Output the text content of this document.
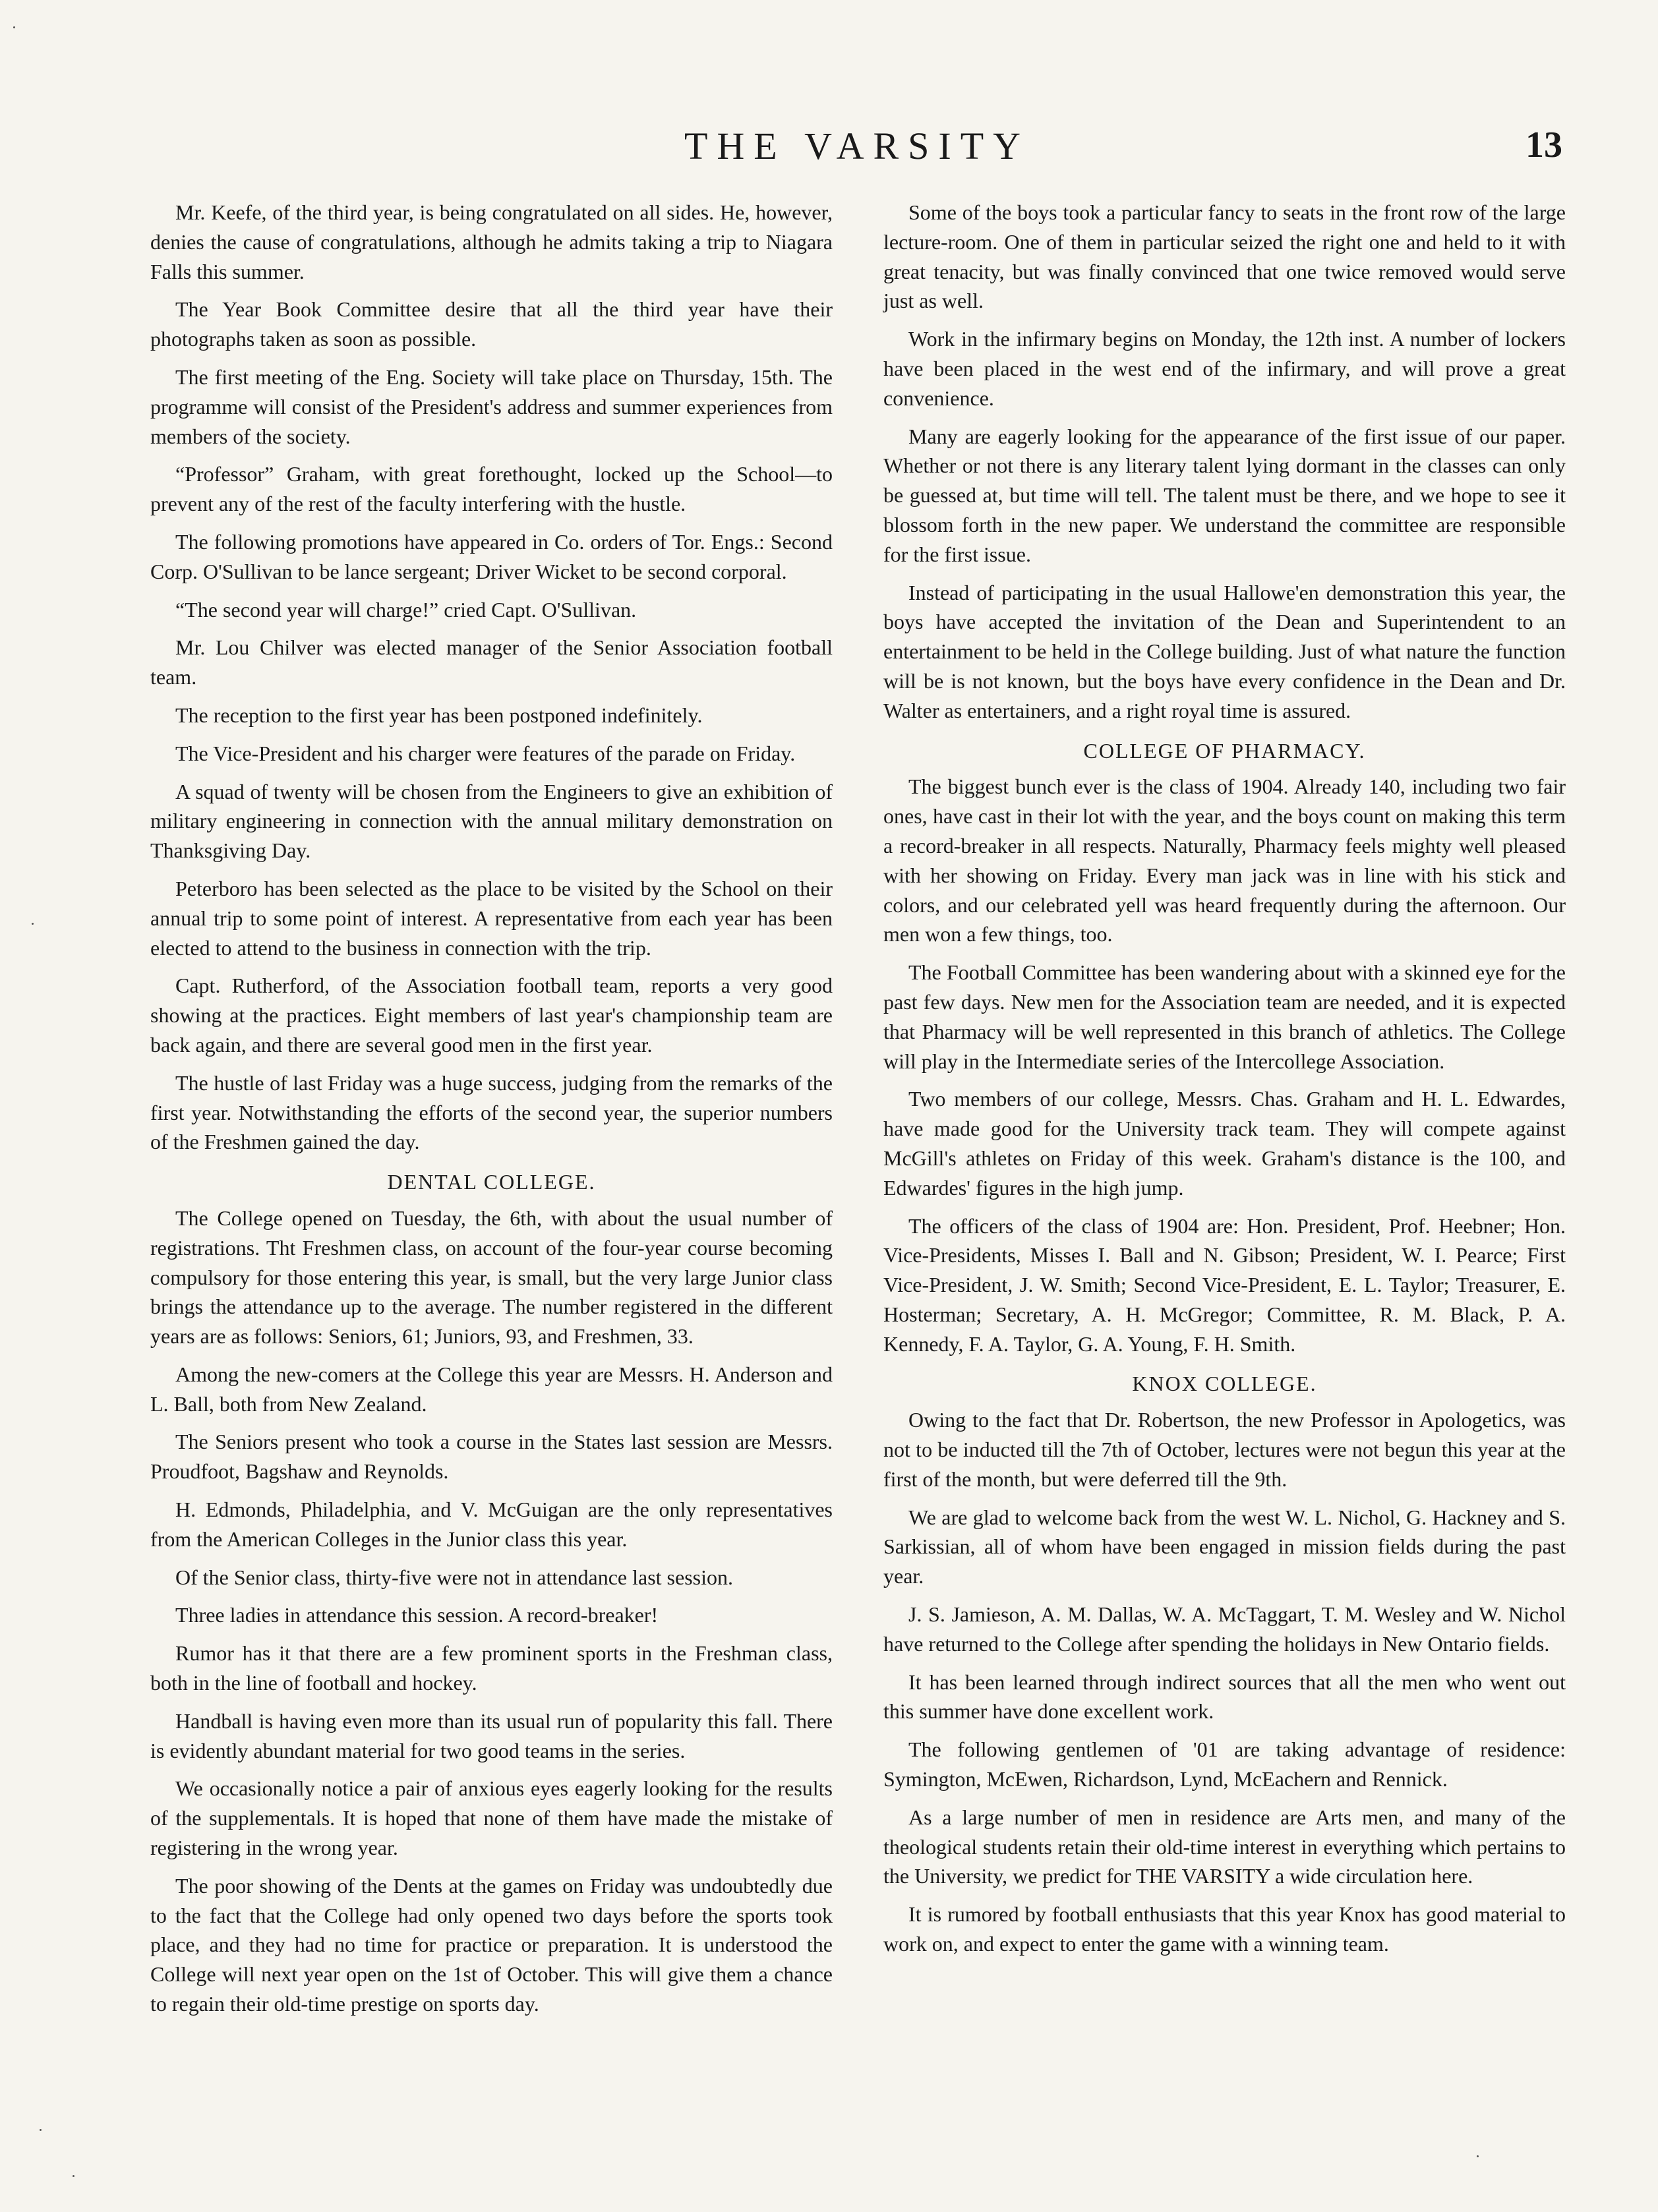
THE VARSITY	13

Mr. Keefe, of the third year, is being congratulated on all sides. He, however, denies the cause of congratulations, although he admits taking a trip to Niagara Falls this summer.

The Year Book Committee desire that all the third year have their photographs taken as soon as possible.

The first meeting of the Eng. Society will take place on Thursday, 15th. The programme will consist of the President's address and summer experiences from members of the society.

“Professor” Graham, with great forethought, locked up the School—to prevent any of the rest of the faculty interfering with the hustle.

The following promotions have appeared in Co. orders of Tor. Engs.: Second Corp. O'Sullivan to be lance sergeant; Driver Wicket to be second corporal.

“The second year will charge!” cried Capt. O'Sullivan.

Mr. Lou Chilver was elected manager of the Senior Association football team.

The reception to the first year has been postponed indefinitely.

The Vice-President and his charger were features of the parade on Friday.

A squad of twenty will be chosen from the Engineers to give an exhibition of military engineering in connection with the annual military demonstration on Thanksgiving Day.

Peterboro has been selected as the place to be visited by the School on their annual trip to some point of interest. A representative from each year has been elected to attend to the business in connection with the trip.

Capt. Rutherford, of the Association football team, reports a very good showing at the practices. Eight members of last year's championship team are back again, and there are several good men in the first year.

The hustle of last Friday was a huge success, judging from the remarks of the first year. Notwithstanding the efforts of the second year, the superior numbers of the Freshmen gained the day.

DENTAL COLLEGE.

The College opened on Tuesday, the 6th, with about the usual number of registrations. Tht Freshmen class, on account of the four-year course becoming compulsory for those entering this year, is small, but the very large Junior class brings the attendance up to the average. The number registered in the different years are as follows: Seniors, 61; Juniors, 93, and Freshmen, 33.

Among the new-comers at the College this year are Messrs. H. Anderson and L. Ball, both from New Zealand.

The Seniors present who took a course in the States last session are Messrs. Proudfoot, Bagshaw and Reynolds.

H. Edmonds, Philadelphia, and V. McGuigan are the only representatives from the American Colleges in the Junior class this year.

Of the Senior class, thirty-five were not in attendance last session.

Three ladies in attendance this session. A record-breaker!

Rumor has it that there are a few prominent sports in the Freshman class, both in the line of football and hockey.

Handball is having even more than its usual run of popularity this fall. There is evidently abundant material for two good teams in the series.

We occasionally notice a pair of anxious eyes eagerly looking for the results of the supplementals. It is hoped that none of them have made the mistake of registering in the wrong year.

The poor showing of the Dents at the games on Friday was undoubtedly due to the fact that the College had only opened two days before the sports took place, and they had no time for practice or preparation. It is understood the College will next year open on the 1st of October. This will give them a chance to regain their old-time prestige on sports day.

Some of the boys took a particular fancy to seats in the front row of the large lecture-room. One of them in particular seized the right one and held to it with great tenacity, but was finally convinced that one twice removed would serve just as well.

Work in the infirmary begins on Monday, the 12th inst. A number of lockers have been placed in the west end of the infirmary, and will prove a great convenience.

Many are eagerly looking for the appearance of the first issue of our paper. Whether or not there is any literary talent lying dormant in the classes can only be guessed at, but time will tell. The talent must be there, and we hope to see it blossom forth in the new paper. We understand the committee are responsible for the first issue.

Instead of participating in the usual Hallowe'en demonstration this year, the boys have accepted the invitation of the Dean and Superintendent to an entertainment to be held in the College building. Just of what nature the function will be is not known, but the boys have every confidence in the Dean and Dr. Walter as entertainers, and a right royal time is assured.

COLLEGE OF PHARMACY.

The biggest bunch ever is the class of 1904. Already 140, including two fair ones, have cast in their lot with the year, and the boys count on making this term a record-breaker in all respects. Naturally, Pharmacy feels mighty well pleased with her showing on Friday. Every man jack was in line with his stick and colors, and our celebrated yell was heard frequently during the afternoon. Our men won a few things, too.

The Football Committee has been wandering about with a skinned eye for the past few days. New men for the Association team are needed, and it is expected that Pharmacy will be well represented in this branch of athletics. The College will play in the Intermediate series of the Intercollege Association.

Two members of our college, Messrs. Chas. Graham and H. L. Edwardes, have made good for the University track team. They will compete against McGill's athletes on Friday of this week. Graham's distance is the 100, and Edwardes' figures in the high jump.

The officers of the class of 1904 are: Hon. President, Prof. Heebner; Hon. Vice-Presidents, Misses I. Ball and N. Gibson; President, W. I. Pearce; First Vice-President, J. W. Smith; Second Vice-President, E. L. Taylor; Treasurer, E. Hosterman; Secretary, A. H. McGregor; Committee, R. M. Black, P. A. Kennedy, F. A. Taylor, G. A. Young, F. H. Smith.

KNOX COLLEGE.

Owing to the fact that Dr. Robertson, the new Professor in Apologetics, was not to be inducted till the 7th of October, lectures were not begun this year at the first of the month, but were deferred till the 9th.

We are glad to welcome back from the west W. L. Nichol, G. Hackney and S. Sarkissian, all of whom have been engaged in mission fields during the past year.

J. S. Jamieson, A. M. Dallas, W. A. McTaggart, T. M. Wesley and W. Nichol have returned to the College after spending the holidays in New Ontario fields.

It has been learned through indirect sources that all the men who went out this summer have done excellent work.

The following gentlemen of '01 are taking advantage of residence: Symington, McEwen, Richardson, Lynd, McEachern and Rennick.

As a large number of men in residence are Arts men, and many of the theological students retain their old-time interest in everything which pertains to the University, we predict for THE VARSITY a wide circulation here.

It is rumored by football enthusiasts that this year Knox has good material to work on, and expect to enter the game with a winning team.
